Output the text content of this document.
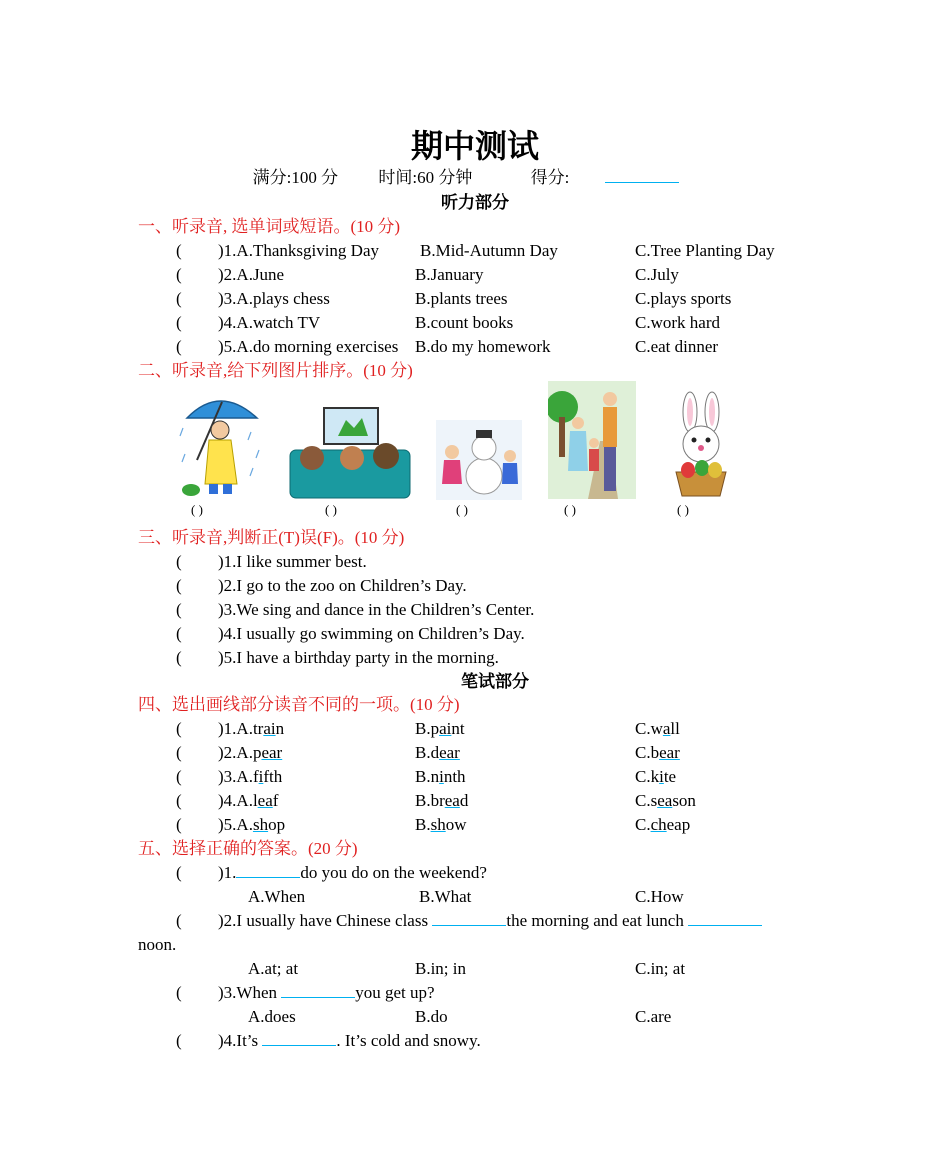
期中测试
满分:100 分 时间:60 分钟	得分:
听力部分
一、听录音, 选单词或短语。(10 分)
( )1.A.Thanksgiving Day B.Mid-Autumn Day	C.Tree Planting Day
( )2.A.June	B.January	C.July
( )3.A.plays chess	B.plants trees	C.plays sports
( )4.A.watch TV	B.count books	C.work hard
( )5.A.do morning exercises B.do my homework	C.eat dinner
二、听录音,给下列图片排序。(10 分)
( )	( )	( )	( )	( )
三、听录音,判断正(T)误(F)。(10 分)
( )1.I like summer best.
( )2.I go to the zoo on Children’s Day.
( )3.We sing and dance in the Children’s Center.
( )4.I usually go swimming on Children’s Day.
( )5.I have a birthday party in the morning.
笔试部分
四、选出画线部分读音不同的一项。(10 分)
( )1.A.train	B.paint	C.wall
( )2.A.pear	B.dear	C.bear
( )3.A.fifth	B.ninth	C.kite
( )4.A.leaf	B.bread	C.season
( )5.A.shop	B.show	C.cheap
五、选择正确的答案。(20 分)
( )1.	do you do on the weekend?
A.When	B.What	C.How
( )2.I usually have Chinese class	the morning and eat lunch
noon.
A.at; at	B.in; in	C.in; at
( )3.When	you get up?
A.does	B.do	C.are
( )4.It’s	. It’s cold and snowy.
